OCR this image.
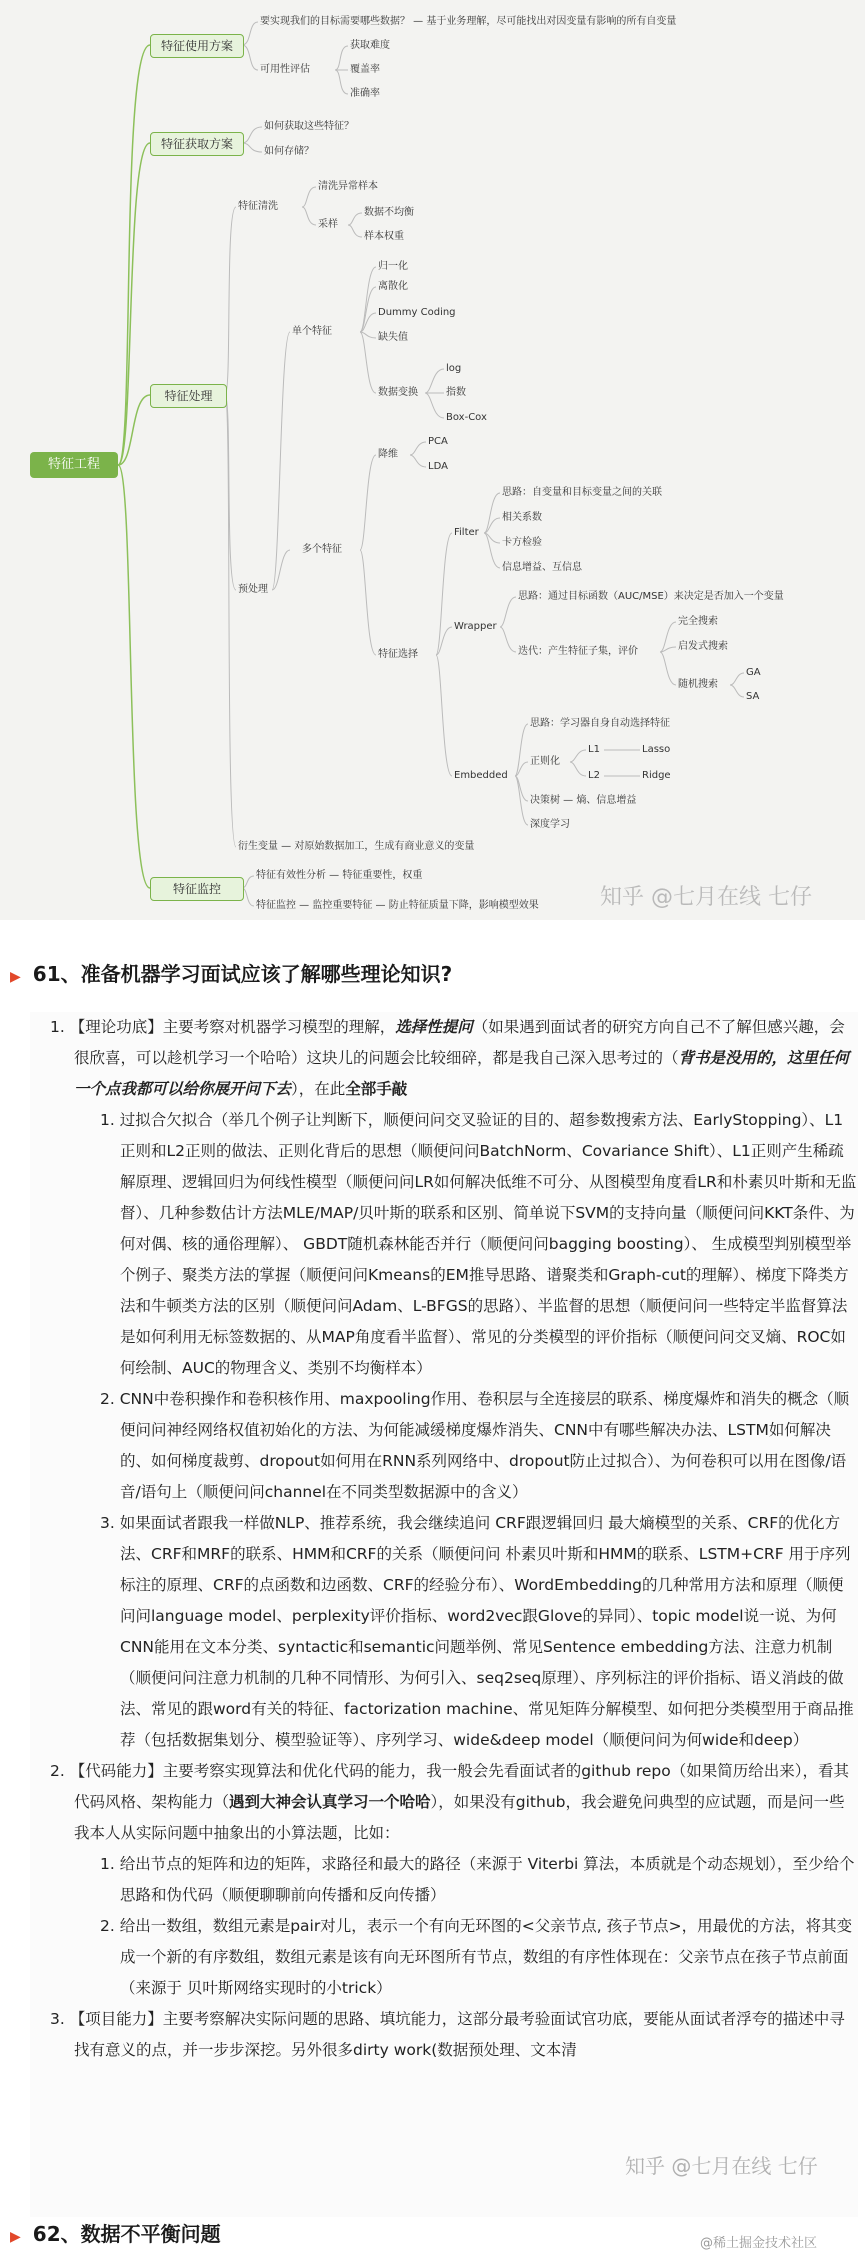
特征工程
特征使用方案
特征获取方案
特征处理
特征监控
要实现我们的目标需要哪些数据？ — 基于业务理解，尽可能找出对因变量有影响的所有自变量
可用性评估
获取难度
覆盖率
准确率
如何获取这些特征？
如何存储？
特征清洗
清洗异常样本
采样
数据不均衡
样本权重
预处理
单个特征
归一化
离散化
Dummy Coding
缺失值
数据变换
log
指数
Box-Cox
多个特征
降维
PCA
LDA
特征选择
Filter
思路：自变量和目标变量之间的关联
相关系数
卡方检验
信息增益、互信息
Wrapper
思路：通过目标函数（AUC/MSE）来决定是否加入一个变量
迭代：产生特征子集，评价
完全搜索
启发式搜索
随机搜索
GA
SA
Embedded
思路：学习器自身自动选择特征
正则化
L1	Lasso
L2	Ridge
决策树 — 熵、信息增益
深度学习
衍生变量 — 对原始数据加工，生成有商业意义的变量
特征有效性分析 — 特征重要性，权重
特征监控 — 监控重要特征 — 防止特征质量下降，影响模型效果	知乎 @七月在线 七仔
▶ 61、准备机器学习面试应该了解哪些理论知识?

1. 【理论功底】主要考察对机器学习模型的理解，选择性提问（如果遇到面试者的研究方向自己不了解但感兴趣，会很欣喜，可以趁机学习一个哈哈）这块儿的问题会比较细碎，都是我自己深入思考过的（背书是没用的，这里任何一个点我都可以给你展开问下去），在此全部手敲

1. 过拟合欠拟合（举几个例子让判断下，顺便问问交叉验证的目的、超参数搜索方法、EarlyStopping）、L1正则和L2正则的做法、正则化背后的思想（顺便问问BatchNorm、Covariance Shift）、L1正则产生稀疏解原理、逻辑回归为何线性模型（顺便问问LR如何解决低维不可分、从图模型角度看LR和朴素贝叶斯和无监督）、几种参数估计方法MLE/MAP/贝叶斯的联系和区别、简单说下SVM的支持向量（顺便问问KKT条件、为何对偶、核的通俗理解）、 GBDT随机森林能否并行（顺便问问bagging boosting）、 生成模型判别模型举个例子、聚类方法的掌握（顺便问问Kmeans的EM推导思路、谱聚类和Graph-cut的理解）、梯度下降类方法和牛顿类方法的区别（顺便问问Adam、L-BFGS的思路）、半监督的思想（顺便问问一些特定半监督算法是如何利用无标签数据的、从MAP角度看半监督）、常见的分类模型的评价指标（顺便问问交叉熵、ROC如何绘制、AUC的物理含义、类别不均衡样本）

2. CNN中卷积操作和卷积核作用、maxpooling作用、卷积层与全连接层的联系、梯度爆炸和消失的概念（顺便问问神经网络权值初始化的方法、为何能减缓梯度爆炸消失、CNN中有哪些解决办法、LSTM如何解决的、如何梯度裁剪、dropout如何用在RNN系列网络中、dropout防止过拟合）、为何卷积可以用在图像/语音/语句上（顺便问问channel在不同类型数据源中的含义）

3. 如果面试者跟我一样做NLP、推荐系统，我会继续追问 CRF跟逻辑回归 最大熵模型的关系、CRF的优化方法、CRF和MRF的联系、HMM和CRF的关系（顺便问问 朴素贝叶斯和HMM的联系、LSTM+CRF 用于序列标注的原理、CRF的点函数和边函数、CRF的经验分布）、WordEmbedding的几种常用方法和原理（顺便问问language model、perplexity评价指标、word2vec跟Glove的异同）、topic model说一说、为何CNN能用在文本分类、syntactic和semantic问题举例、常见Sentence embedding方法、注意力机制（顺便问问注意力机制的几种不同情形、为何引入、seq2seq原理）、序列标注的评价指标、语义消歧的做法、常见的跟word有关的特征、factorization machine、常见矩阵分解模型、如何把分类模型用于商品推荐（包括数据集划分、模型验证等）、序列学习、wide&deep model（顺便问问为何wide和deep）

2. 【代码能力】主要考察实现算法和优化代码的能力，我一般会先看面试者的github repo（如果简历给出来），看其代码风格、架构能力（遇到大神会认真学习一个哈哈），如果没有github，我会避免问典型的应试题，而是问一些 我本人从实际问题中抽象出的小算法题，比如：

1. 给出节点的矩阵和边的矩阵，求路径和最大的路径（来源于 Viterbi 算法，本质就是个动态规划），至少给个思路和伪代码（顺便聊聊前向传播和反向传播）

2. 给出一数组，数组元素是pair对儿，表示一个有向无环图的<父亲节点, 孩子节点>，用最优的方法，将其变成一个新的有序数组，数组元素是该有向无环图所有节点，数组的有序性体现在：父亲节点在孩子节点前面（来源于 贝叶斯网络实现时的小trick）

3. 【项目能力】主要考察解决实际问题的思路、填坑能力，这部分最考验面试官功底，要能从面试者浮夸的描述中寻找有意义的点，并一步步深挖。另外很多dirty work(数据预处理、文本清

知乎 @七月在线 七仔
▶ 62、数据不平衡问题	@稀土掘金技术社区
